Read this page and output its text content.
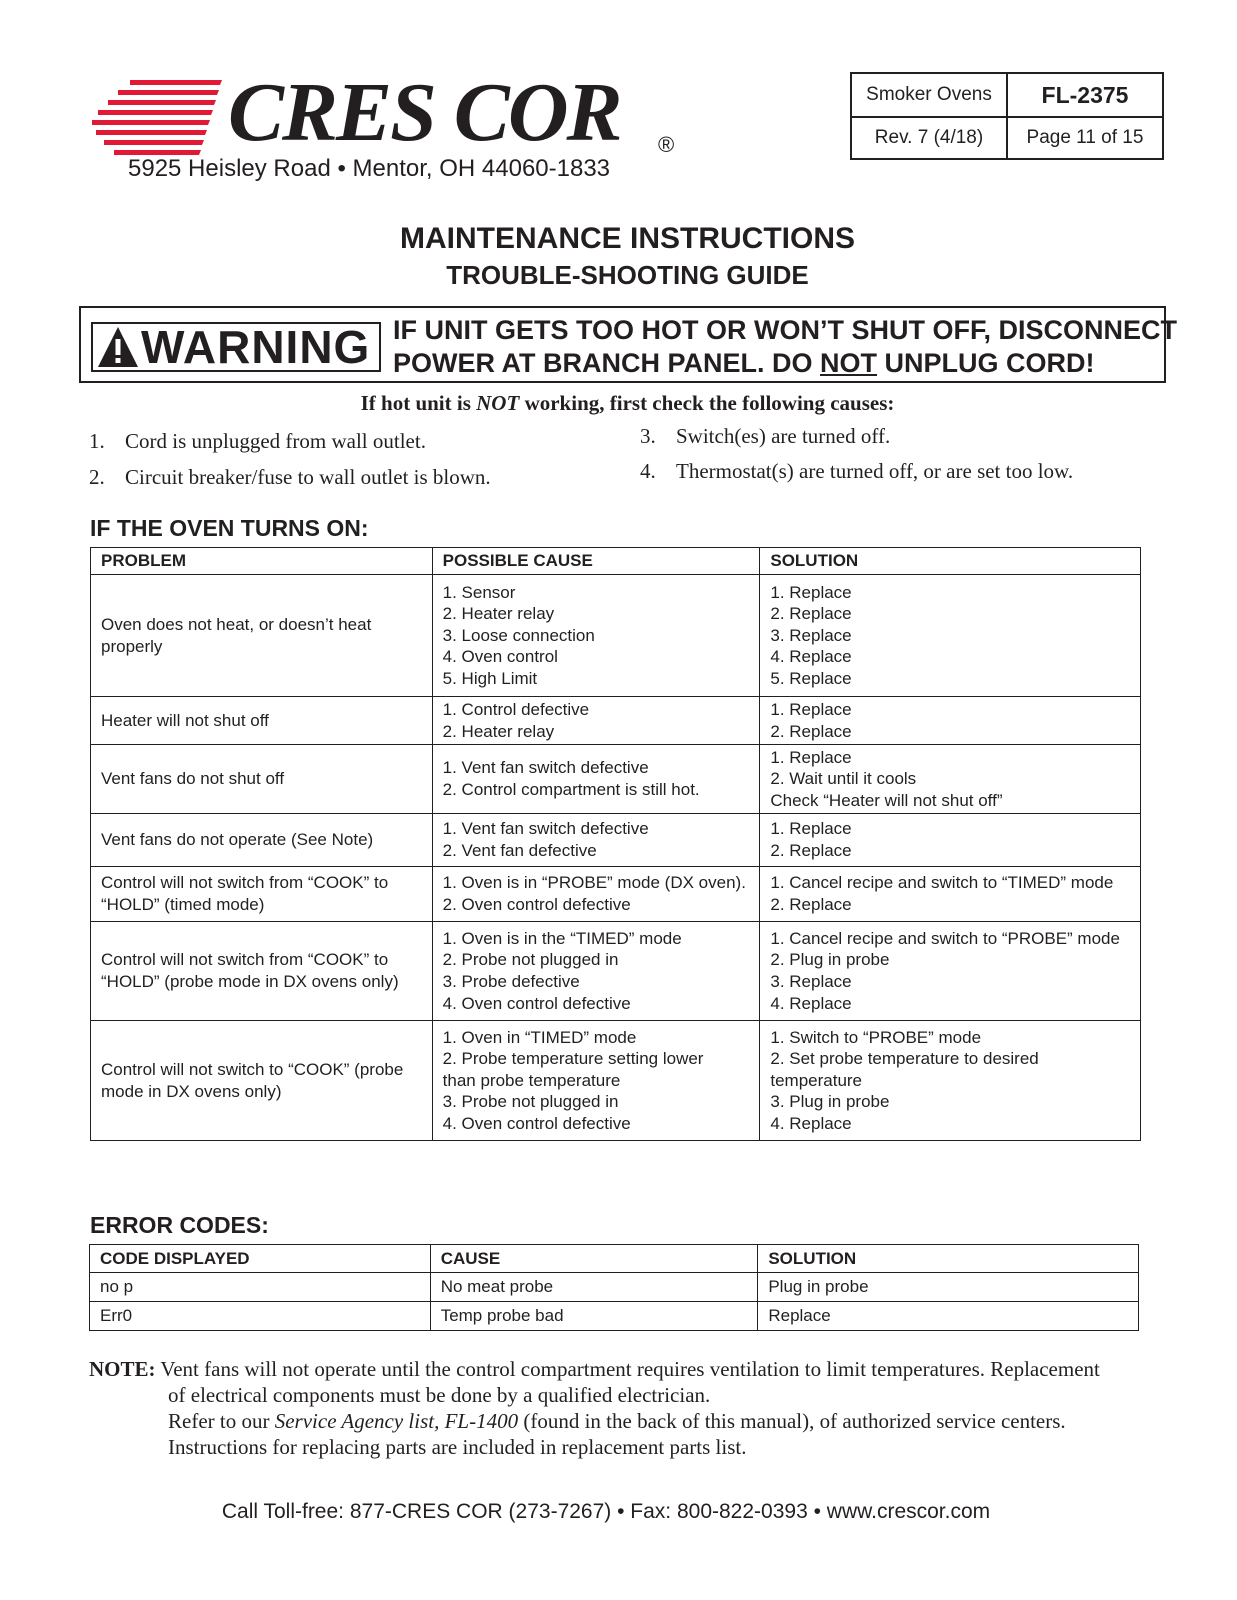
CRES COR ®
5925 Heisley Road • Mentor, OH 44060-1833
Smoker Ovens	FL-2375
Rev. 7 (4/18)	Page 11 of 15
MAINTENANCE INSTRUCTIONS
TROUBLE-SHOOTING GUIDE
WARNING IF UNIT GETS TOO HOT OR WON’T SHUT OFF, DISCONNECT
POWER AT BRANCH PANEL. DO NOT UNPLUG CORD!
If hot unit is NOT working, first check the following causes:
1. Cord is unplugged from wall outlet.
2. Circuit breaker/fuse to wall outlet is blown.
3. Switch(es) are turned off.
4. Thermostat(s) are turned off, or are set too low.
IF THE OVEN TURNS ON:
PROBLEM	POSSIBLE CAUSE	SOLUTION

Oven does not heat, or doesn’t heat
properly	1. Sensor
2. Heater relay
3. Loose connection
4. Oven control
5. High Limit	1. Replace
2. Replace
3. Replace
4. Replace
5. Replace

Heater will not shut off	1. Control defective
2. Heater relay	1. Replace
2. Replace

Vent fans do not shut off	1. Vent fan switch defective
2. Control compartment is still hot.	1. Replace
2. Wait until it cools
Check “Heater will not shut off”

Vent fans do not operate (See Note)	1. Vent fan switch defective
2. Vent fan defective	1. Replace
2. Replace

Control will not switch from “COOK” to
“HOLD” (timed mode)	1. Oven is in “PROBE” mode (DX oven).
2. Oven control defective	1. Cancel recipe and switch to “TIMED” mode
2. Replace

Control will not switch from “COOK” to
“HOLD” (probe mode in DX ovens only)	1. Oven is in the “TIMED” mode
2. Probe not plugged in
3. Probe defective
4. Oven control defective	1. Cancel recipe and switch to “PROBE” mode
2. Plug in probe
3. Replace
4. Replace

Control will not switch to “COOK” (probe
mode in DX ovens only)	1. Oven in “TIMED” mode
2. Probe temperature setting lower
than probe temperature
3. Probe not plugged in
4. Oven control defective	1. Switch to “PROBE” mode
2. Set probe temperature to desired temperature
3. Plug in probe
4. Replace
ERROR CODES:
CODE DISPLAYED	CAUSE	SOLUTION
no p	No meat probe	Plug in probe
Err0	Temp probe bad	Replace
NOTE: Vent fans will not operate until the control compartment requires ventilation to limit temperatures. Replacement
of electrical components must be done by a qualified electrician.
Refer to our Service Agency list, FL-1400 (found in the back of this manual), of authorized service centers.
Instructions for replacing parts are included in replacement parts list.
Call Toll-free: 877-CRES COR (273-7267) • Fax: 800-822-0393 • www.crescor.com
